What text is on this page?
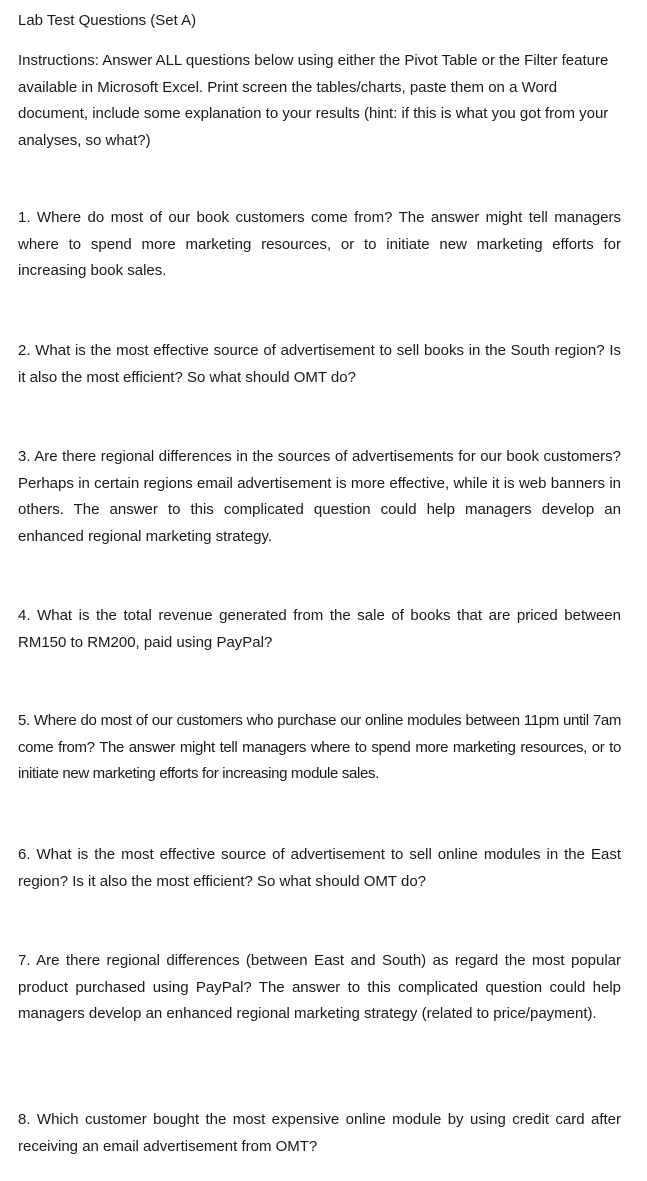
Lab Test Questions (Set A)
Instructions: Answer ALL questions below using either the Pivot Table or the Filter feature available in Microsoft Excel. Print screen the tables/charts, paste them on a Word document, include some explanation to your results (hint: if this is what you got from your analyses, so what?)
1. Where do most of our book customers come from? The answer might tell managers where to spend more marketing resources, or to initiate new marketing efforts for increasing book sales.
2. What is the most effective source of advertisement to sell books in the South region? Is it also the most efficient? So what should OMT do?
3. Are there regional differences in the sources of advertisements for our book customers? Perhaps in certain regions email advertisement is more effective, while it is web banners in others. The answer to this complicated question could help managers develop an enhanced regional marketing strategy.
4. What is the total revenue generated from the sale of books that are priced between RM150 to RM200, paid using PayPal?
5. Where do most of our customers who purchase our online modules between 11pm until 7am come from? The answer might tell managers where to spend more marketing resources, or to initiate new marketing efforts for increasing module sales.
6. What is the most effective source of advertisement to sell online modules in the East region? Is it also the most efficient? So what should OMT do?
7. Are there regional differences (between East and South) as regard the most popular product purchased using PayPal? The answer to this complicated question could help managers develop an enhanced regional marketing strategy (related to price/payment).
8. Which customer bought the most expensive online module by using credit card after receiving an email advertisement from OMT?
